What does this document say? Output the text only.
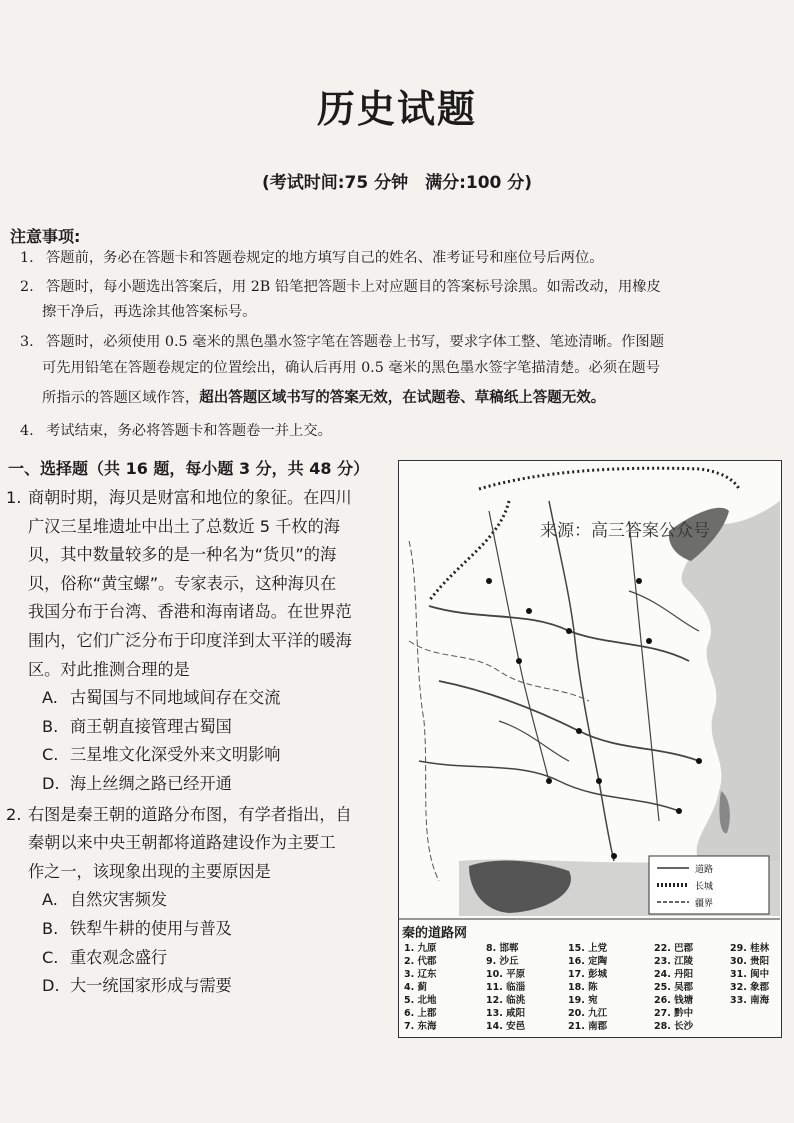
历史试题
(考试时间:75 分钟　满分:100 分)
注意事项:
1. 答题前，务必在答题卡和答题卷规定的地方填写自己的姓名、准考证号和座位号后两位。
2. 答题时，每小题选出答案后，用 2B 铅笔把答题卡上对应题目的答案标号涂黑。如需改动，用橡皮
擦干净后，再选涂其他答案标号。
3. 答题时，必须使用 0.5 毫米的黑色墨水签字笔在答题卷上书写，要求字体工整、笔迹清晰。作图题
可先用铅笔在答题卷规定的位置绘出，确认后再用 0.5 毫米的黑色墨水签字笔描清楚。必须在题号
所指示的答题区域作答，超出答题区域书写的答案无效，在试题卷、草稿纸上答题无效。
4. 考试结束，务必将答题卡和答题卷一并上交。
一、选择题（共 16 题，每小题 3 分，共 48 分）
1. 商朝时期，海贝是财富和地位的象征。在四川
广汉三星堆遗址中出土了总数近 5 千枚的海
贝，其中数量较多的是一种名为“货贝”的海
贝，俗称“黄宝螺”。专家表示，这种海贝在
我国分布于台湾、香港和海南诸岛。在世界范
围内，它们广泛分布于印度洋到太平洋的暖海
区。对此推测合理的是
A. 古蜀国与不同地域间存在交流
B. 商王朝直接管理古蜀国
C. 三星堆文化深受外来文明影响
D. 海上丝绸之路已经开通
2. 右图是秦王朝的道路分布图，有学者指出，自
秦朝以来中央王朝都将道路建设作为主要工
作之一，该现象出现的主要原因是
A. 自然灾害频发
B. 铁犁牛耕的使用与普及
C. 重农观念盛行
D. 大一统国家形成与需要
道路
长城
疆界
来源：高三答案公众号
秦的道路网
1. 九原
2. 代郡
3. 辽东
4. 蓟
5. 北地
6. 上郡
7. 东海
8. 邯郸
9. 沙丘
10. 平原
11. 临淄
12. 临洮
13. 咸阳
14. 安邑
15. 上党
16. 定陶
17. 彭城
18. 陈
19. 宛
20. 九江
21. 南郡
22. 巴郡
23. 江陵
24. 丹阳
25. 吴郡
26. 钱塘
27. 黔中
28. 长沙
29. 桂林
30. 贵阳
31. 闽中
32. 象郡
33. 南海
